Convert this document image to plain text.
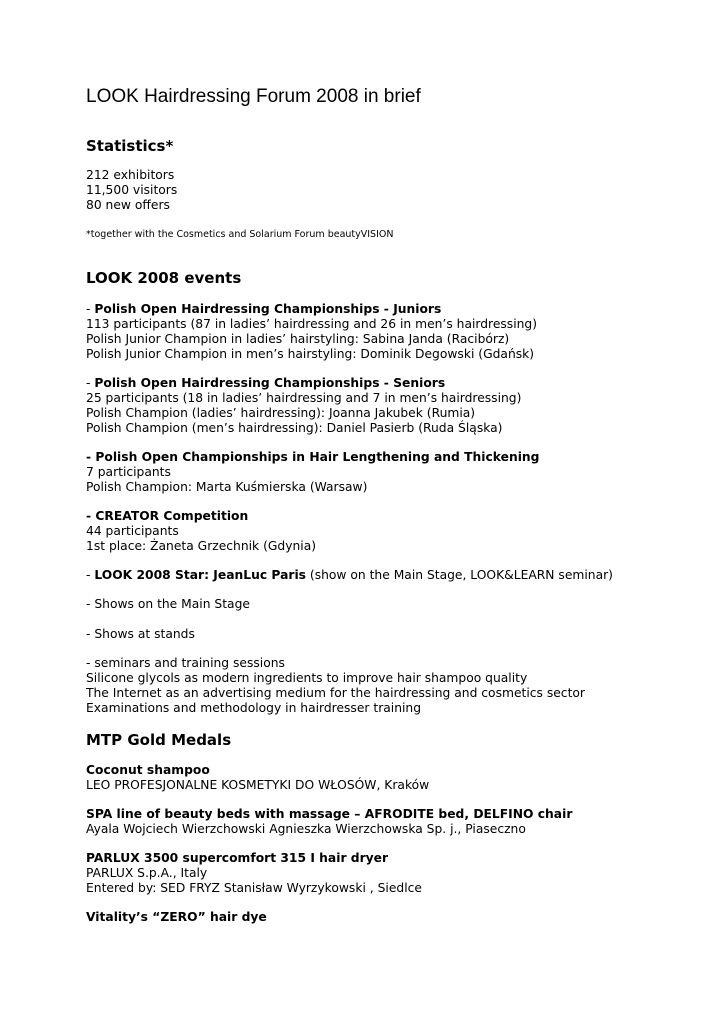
LOOK Hairdressing Forum 2008 in brief
Statistics*
212 exhibitors
11,500 visitors
80 new offers
*together with the Cosmetics and Solarium Forum beautyVISION
LOOK 2008 events
- Polish Open Hairdressing Championships - Juniors
113 participants (87 in ladies’ hairdressing and 26 in men’s hairdressing)
Polish Junior Champion in ladies’ hairstyling: Sabina Janda (Racibórz)
Polish Junior Champion in men’s hairstyling: Dominik Degowski (Gdańsk)
- Polish Open Hairdressing Championships - Seniors
25 participants (18 in ladies’ hairdressing and 7 in men’s hairdressing)
Polish Champion (ladies’ hairdressing): Joanna Jakubek (Rumia)
Polish Champion (men’s hairdressing): Daniel Pasierb (Ruda Śląska)
- Polish Open Championships in Hair Lengthening and Thickening
7 participants
Polish Champion: Marta Kuśmierska (Warsaw)
- CREATOR Competition
44 participants
1st place: Żaneta Grzechnik (Gdynia)
- LOOK 2008 Star: JeanLuc Paris (show on the Main Stage, LOOK&LEARN seminar)
- Shows on the Main Stage
- Shows at stands
- seminars and training sessions
Silicone glycols as modern ingredients to improve hair shampoo quality
The Internet as an advertising medium for the hairdressing and cosmetics sector
Examinations and methodology in hairdresser training
MTP Gold Medals
Coconut shampoo
LEO PROFESJONALNE KOSMETYKI DO WŁOSÓW, Kraków
SPA line of beauty beds with massage – AFRODITE bed, DELFINO chair
Ayala Wojciech Wierzchowski Agnieszka Wierzchowska Sp. j., Piaseczno
PARLUX 3500 supercomfort 315 I hair dryer
PARLUX S.p.A., Italy
Entered by: SED FRYZ Stanisław Wyrzykowski , Siedlce
Vitality’s “ZERO” hair dye
